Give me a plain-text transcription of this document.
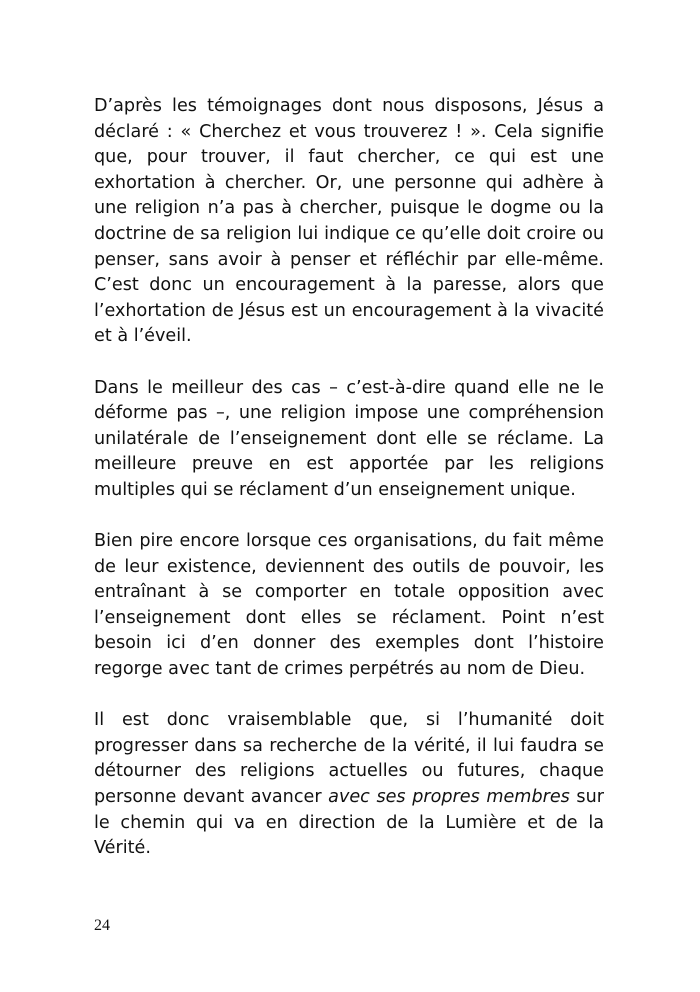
D’après les témoignages dont nous disposons, Jésus a déclaré : « Cherchez et vous trouverez ! ». Cela signifie que, pour trouver, il faut chercher, ce qui est une exhortation à chercher. Or, une personne qui adhère à une religion n’a pas à chercher, puisque le dogme ou la doctrine de sa religion lui indique ce qu’elle doit croire ou penser, sans avoir à penser et réfléchir par elle-même. C’est donc un encouragement à la paresse, alors que l’exhortation de Jésus est un encouragement à la vivacité et à l’éveil.

Dans le meilleur des cas – c’est-à-dire quand elle ne le déforme pas –, une religion impose une compréhension unilatérale de l’enseignement dont elle se réclame. La meilleure preuve en est apportée par les religions multiples qui se réclament d’un enseignement unique.

Bien pire encore lorsque ces organisations, du fait même de leur existence, deviennent des outils de pouvoir, les entraînant à se comporter en totale opposition avec l’enseignement dont elles se réclament. Point n’est besoin ici d’en donner des exemples dont l’histoire regorge avec tant de crimes perpétrés au nom de Dieu.

Il est donc vraisemblable que, si l’humanité doit progresser dans sa recherche de la vérité, il lui faudra se détourner des religions actuelles ou futures, chaque personne devant avancer avec ses propres membres sur le chemin qui va en direction de la Lumière et de la Vérité.

24
